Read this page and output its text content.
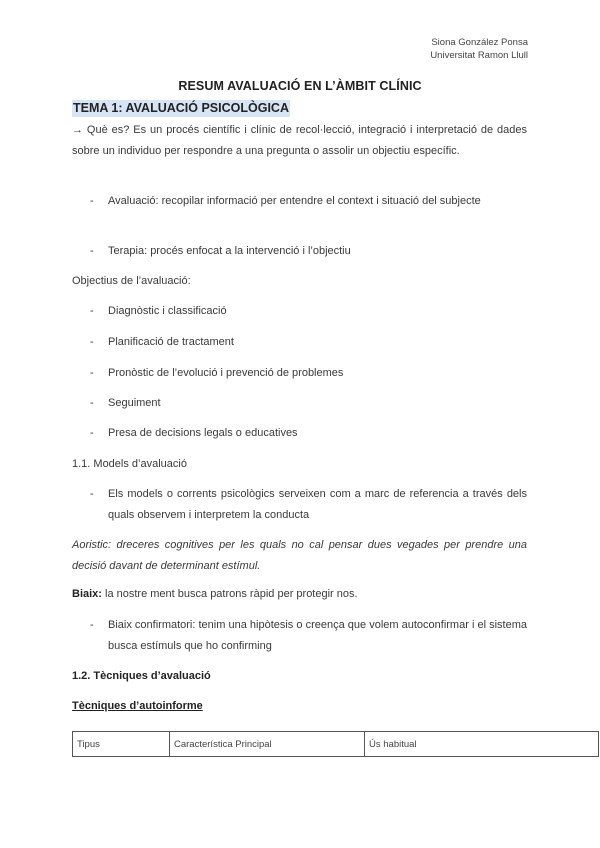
Siona González Ponsa
Universitat Ramon Llull
RESUM AVALUACIÓ EN L’ÀMBIT CLÍNIC
TEMA 1: AVALUACIÓ PSICOLÒGICA

→ Què es? Es un procés científic i clínic de recol·lecció, integració i interpretació de dades sobre un individuo per respondre a una pregunta o assolir un objectiu específic.

- Avaluació: recopilar informació per entendre el context i situació del subjecte
- Terapia: procés enfocat a la intervenció i l’objectiu

Objectius de l’avaluació:

- Diagnòstic i classificació
- Planificació de tractament
- Pronòstic de l’evolució i prevenció de problemes
- Seguiment
- Presa de decisions legals o educatives

1.1. Models d’avaluació

- Els models o corrents psicològics serveixen com a marc de referencia a través dels quals observem i interpretem la conducta

Aoristic: dreceres cognitives per les quals no cal pensar dues vegades per prendre una decisió davant de determinant estímul.

Biaix: la nostre ment busca patrons ràpid per protegir nos.

- Biaix confirmatori: tenim una hipòtesis o creença que volem autoconfirmar i el sistema busca estímuls que ho confirming

1.2. Tècniques d’avaluació

Tècniques d’autoinforme

Tipus	Característica Principal	Ús habitual
